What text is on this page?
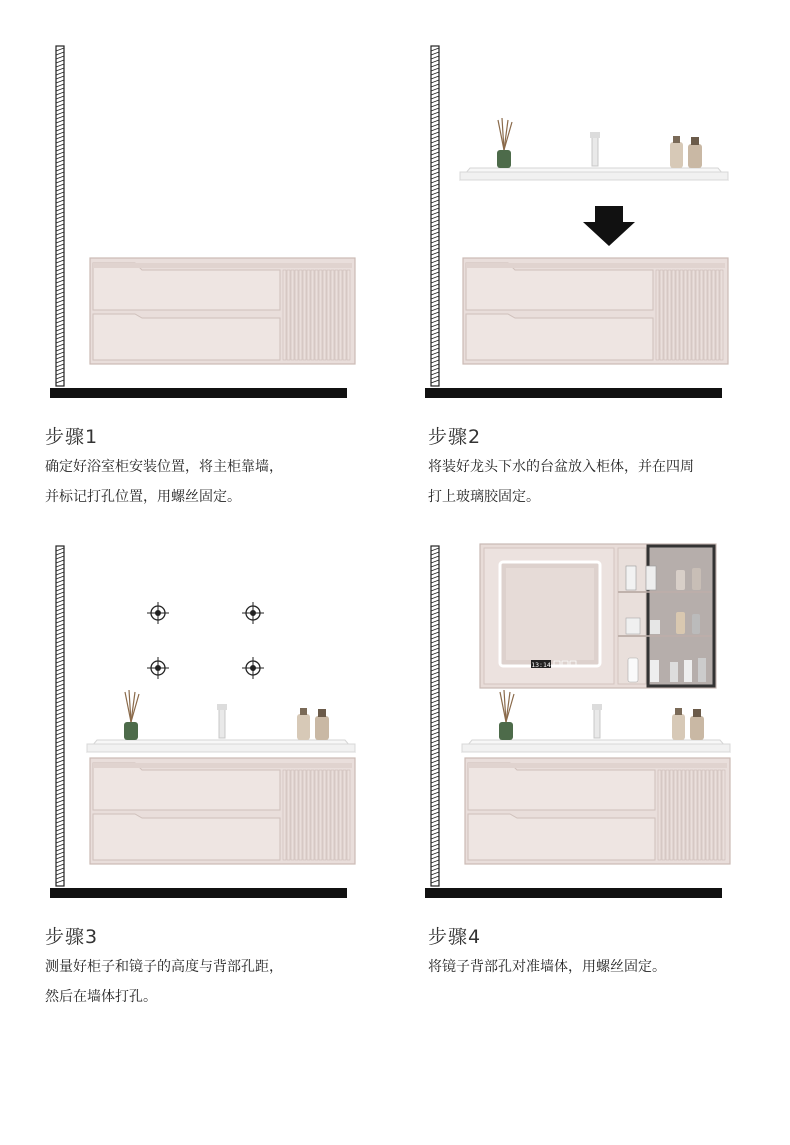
步骤1
确定好浴室柜安装位置，将主柜靠墙，
并标记打孔位置，用螺丝固定。
步骤2
将装好龙头下水的台盆放入柜体，并在四周
打上玻璃胶固定。
步骤3
测量好柜子和镜子的高度与背部孔距，
然后在墙体打孔。
13:14
步骤4
将镜子背部孔对准墙体，用螺丝固定。
